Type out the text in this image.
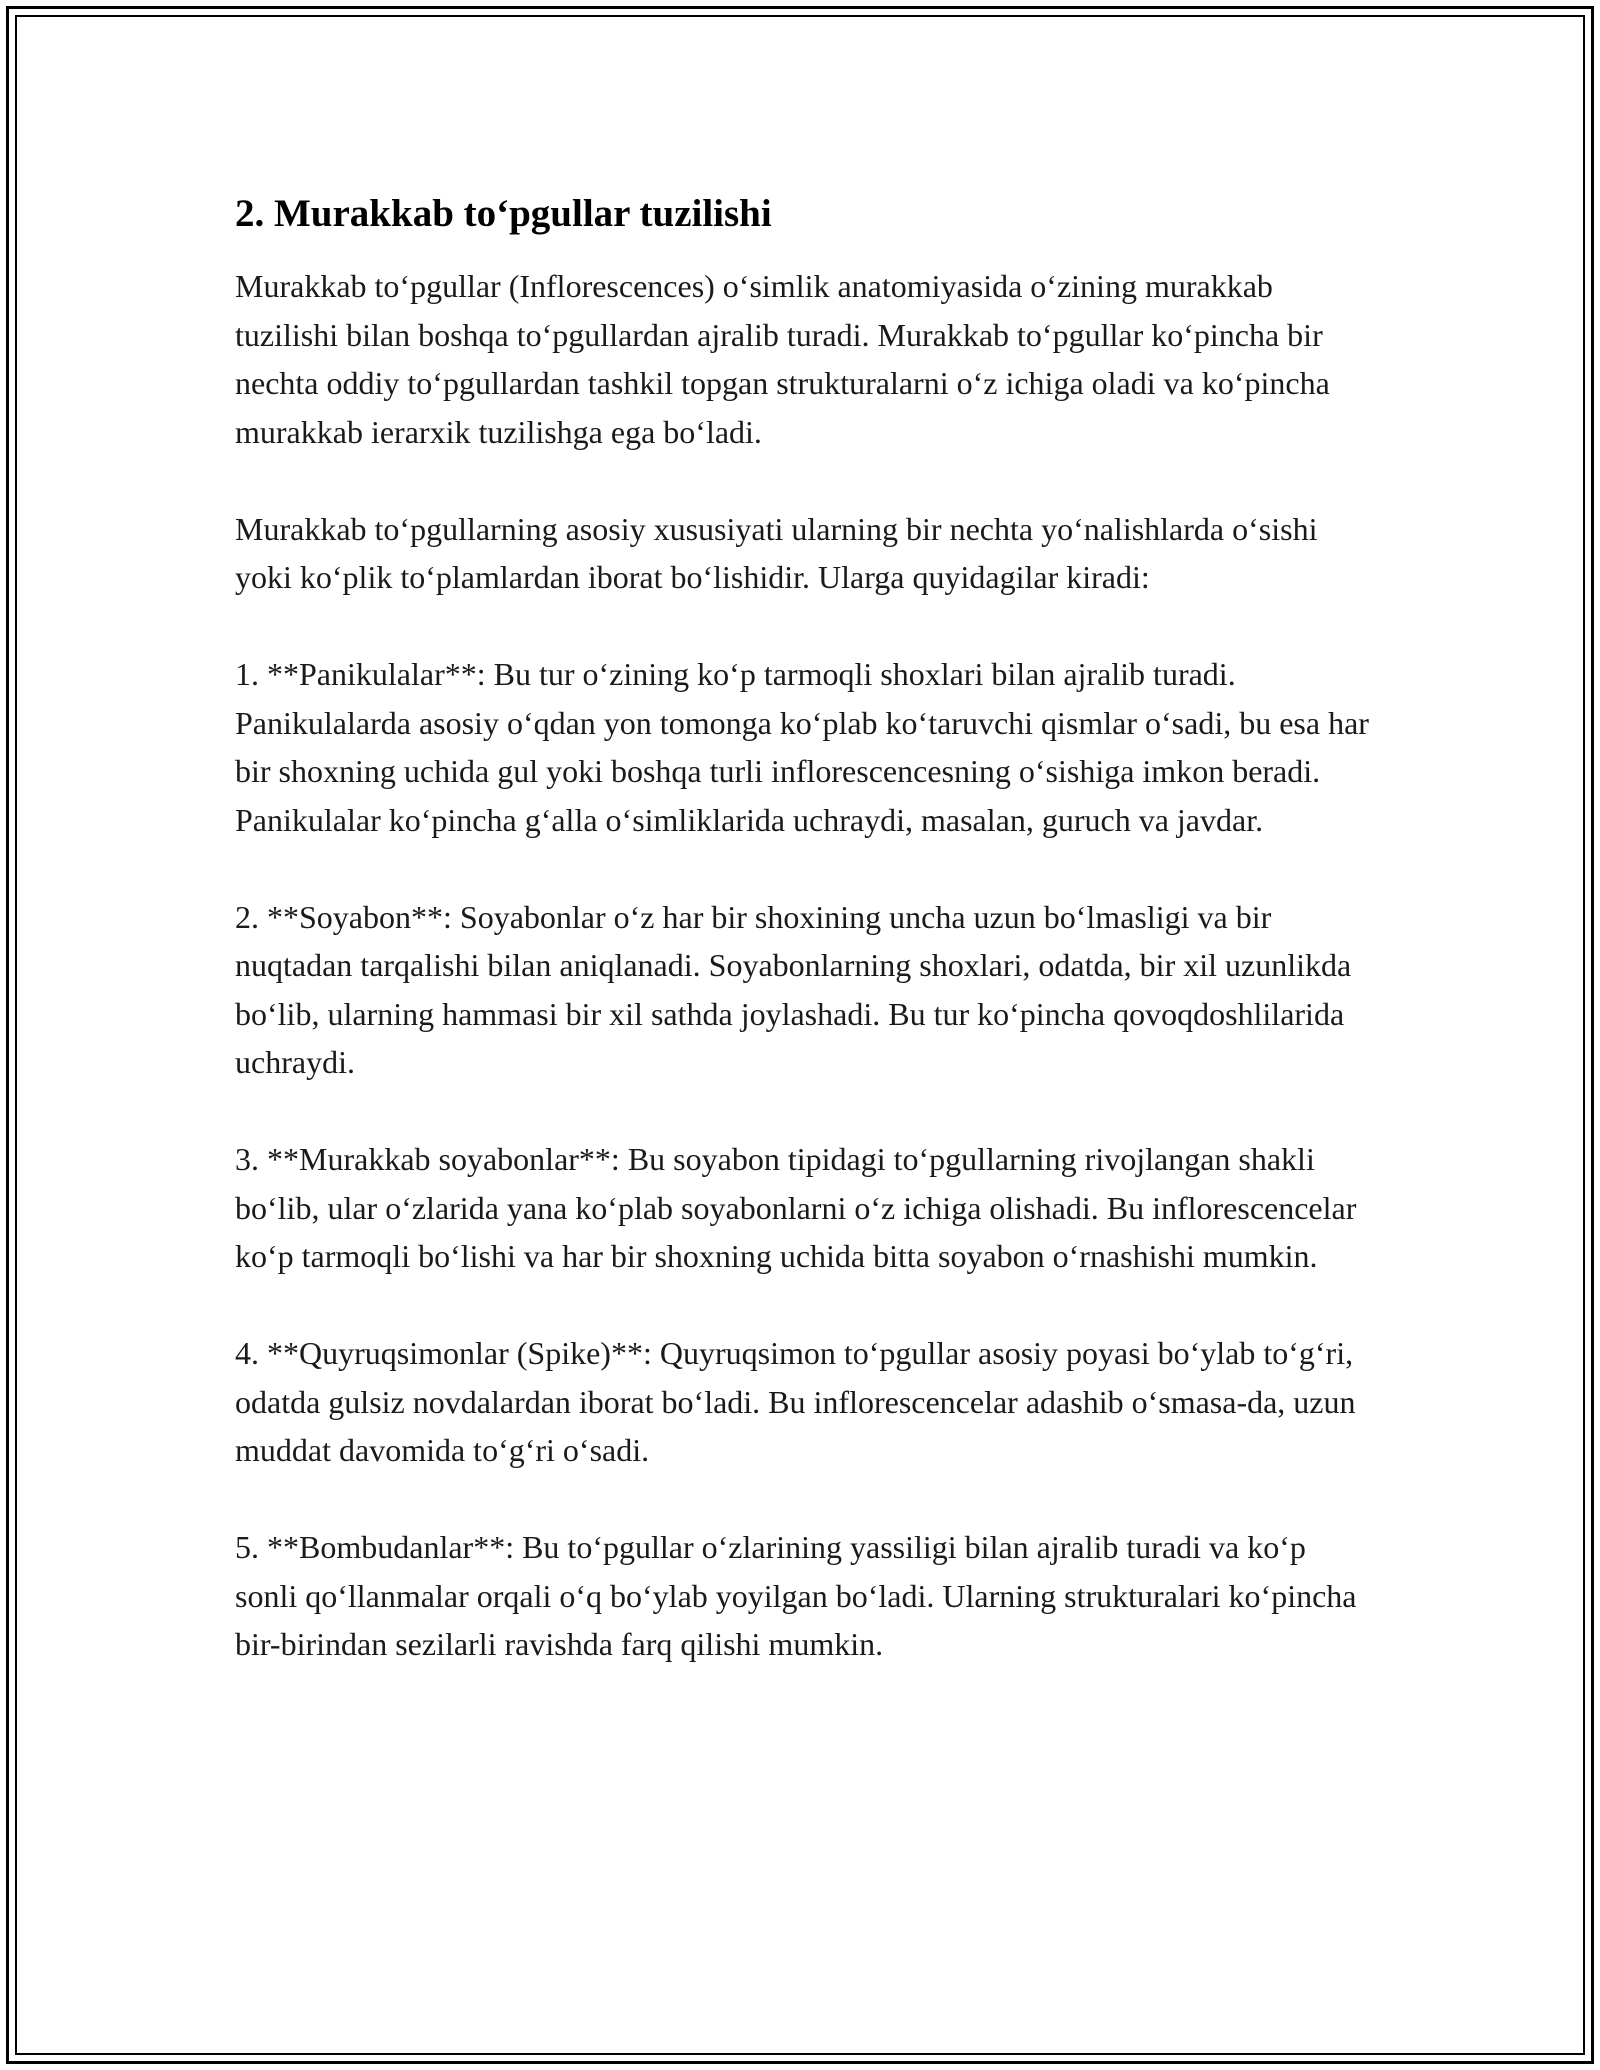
2. Murakkab to‘pgullar tuzilishi

Murakkab to‘pgullar (Inflorescences) o‘simlik anatomiyasida o‘zining murakkab tuzilishi bilan boshqa to‘pgullardan ajralib turadi. Murakkab to‘pgullar ko‘pincha bir nechta oddiy to‘pgullardan tashkil topgan strukturalarni o‘z ichiga oladi va ko‘pincha murakkab ierarxik tuzilishga ega bo‘ladi.

Murakkab to‘pgullarning asosiy xususiyati ularning bir nechta yo‘nalishlarda o‘sishi yoki ko‘plik to‘plamlardan iborat bo‘lishidir. Ularga quyidagilar kiradi:

1. **Panikulalar**: Bu tur o‘zining ko‘p tarmoqli shoxlari bilan ajralib turadi. Panikulalarda asosiy o‘qdan yon tomonga ko‘plab ko‘taruvchi qismlar o‘sadi, bu esa har bir shoxning uchida gul yoki boshqa turli inflorescencesning o‘sishiga imkon beradi. Panikulalar ko‘pincha g‘alla o‘simliklarida uchraydi, masalan, guruch va javdar.

2. **Soyabon**: Soyabonlar o‘z har bir shoxining uncha uzun bo‘lmasligi va bir nuqtadan tarqalishi bilan aniqlanadi. Soyabonlarning shoxlari, odatda, bir xil uzunlikda bo‘lib, ularning hammasi bir xil sathda joylashadi. Bu tur ko‘pincha qovoqdoshlilarida uchraydi.

3. **Murakkab soyabonlar**: Bu soyabon tipidagi to‘pgullarning rivojlangan shakli bo‘lib, ular o‘zlarida yana ko‘plab soyabonlarni o‘z ichiga olishadi. Bu inflorescencelar ko‘p tarmoqli bo‘lishi va har bir shoxning uchida bitta soyabon o‘rnashishi mumkin.

4. **Quyruqsimonlar (Spike)**: Quyruqsimon to‘pgullar asosiy poyasi bo‘ylab to‘g‘ri, odatda gulsiz novdalardan iborat bo‘ladi. Bu inflorescencelar adashib o‘smasa-da, uzun muddat davomida to‘g‘ri o‘sadi.

5. **Bombudanlar**: Bu to‘pgullar o‘zlarining yassiligi bilan ajralib turadi va ko‘p sonli qo‘llanmalar orqali o‘q bo‘ylab yoyilgan bo‘ladi. Ularning strukturalari ko‘pincha bir-birindan sezilarli ravishda farq qilishi mumkin.
